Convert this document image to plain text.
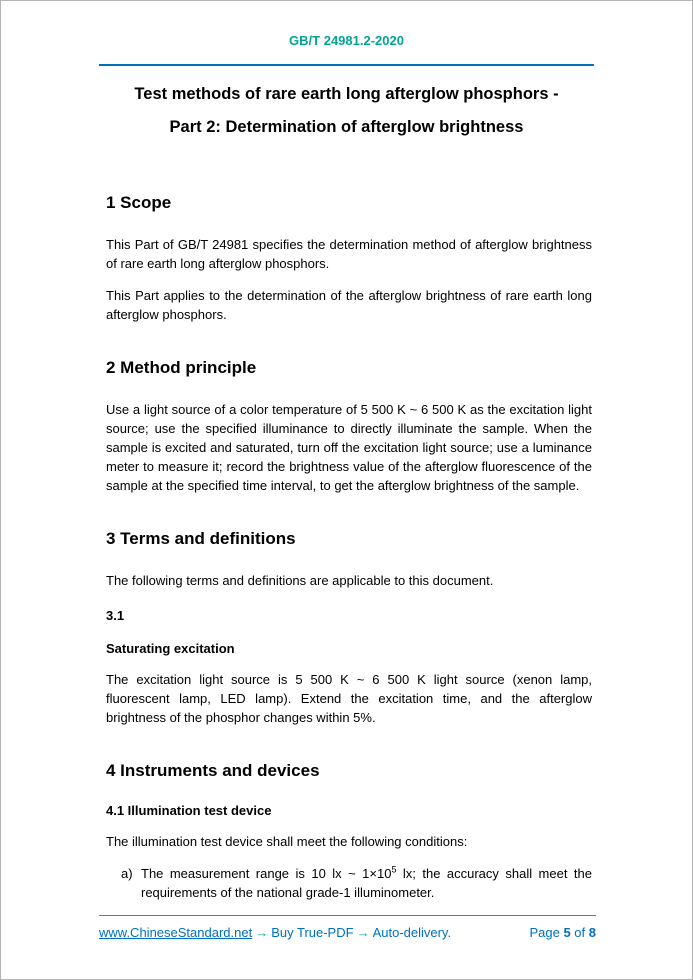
GB/T 24981.2-2020
Test methods of rare earth long afterglow phosphors -
Part 2: Determination of afterglow brightness
1 Scope

This Part of GB/T 24981 specifies the determination method of afterglow brightness of rare earth long afterglow phosphors.

This Part applies to the determination of the afterglow brightness of rare earth long afterglow phosphors.

2 Method principle

Use a light source of a color temperature of 5 500 K ~ 6 500 K as the excitation light source; use the specified illuminance to directly illuminate the sample. When the sample is excited and saturated, turn off the excitation light source; use a luminance meter to measure it; record the brightness value of the afterglow fluorescence of the sample at the specified time interval, to get the afterglow brightness of the sample.

3 Terms and definitions

The following terms and definitions are applicable to this document.

3.1
Saturating excitation

The excitation light source is 5 500 K ~ 6 500 K light source (xenon lamp, fluorescent lamp, LED lamp). Extend the excitation time, and the afterglow brightness of the phosphor changes within 5%.

4 Instruments and devices
4.1 Illumination test device

The illumination test device shall meet the following conditions:

a) The measurement range is 10 lx ~ $1\times 10^5$ lx; the accuracy shall meet the requirements of the national grade-1 illuminometer.
www.ChineseStandard.net → Buy True-PDF → Auto-delivery.	Page 5 of 8
